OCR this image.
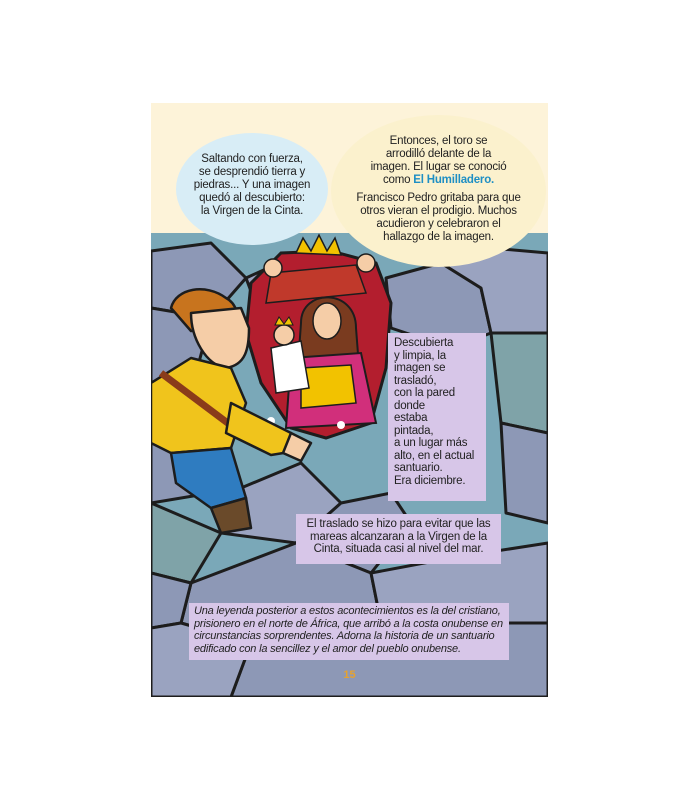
Saltando con fuerza,
se desprendió tierra y
piedras... Y una imagen
quedó al descubierto:
la Virgen de la Cinta.
Entonces, el toro se
arrodilló delante de la
imagen. El lugar se conoció
como El Humilladero.
Francisco Pedro gritaba para que
otros vieran el prodigio. Muchos
acudieron y celebraron el
hallazgo de la imagen.
Descubierta
y limpia, la
imagen se
trasladó,
con la pared
donde
estaba
pintada,
a un lugar más
alto, en el actual
santuario.
Era diciembre.
El traslado se hizo para evitar que las
mareas alcanzaran a la Virgen de la
Cinta, situada casi al nivel del mar.
Una leyenda posterior a estos acontecimientos es la del cristiano,
prisionero en el norte de África, que arribó a la costa onubense en
circunstancias sorprendentes. Adorna la historia de un santuario
edificado con la sencillez y el amor del pueblo onubense.
15
